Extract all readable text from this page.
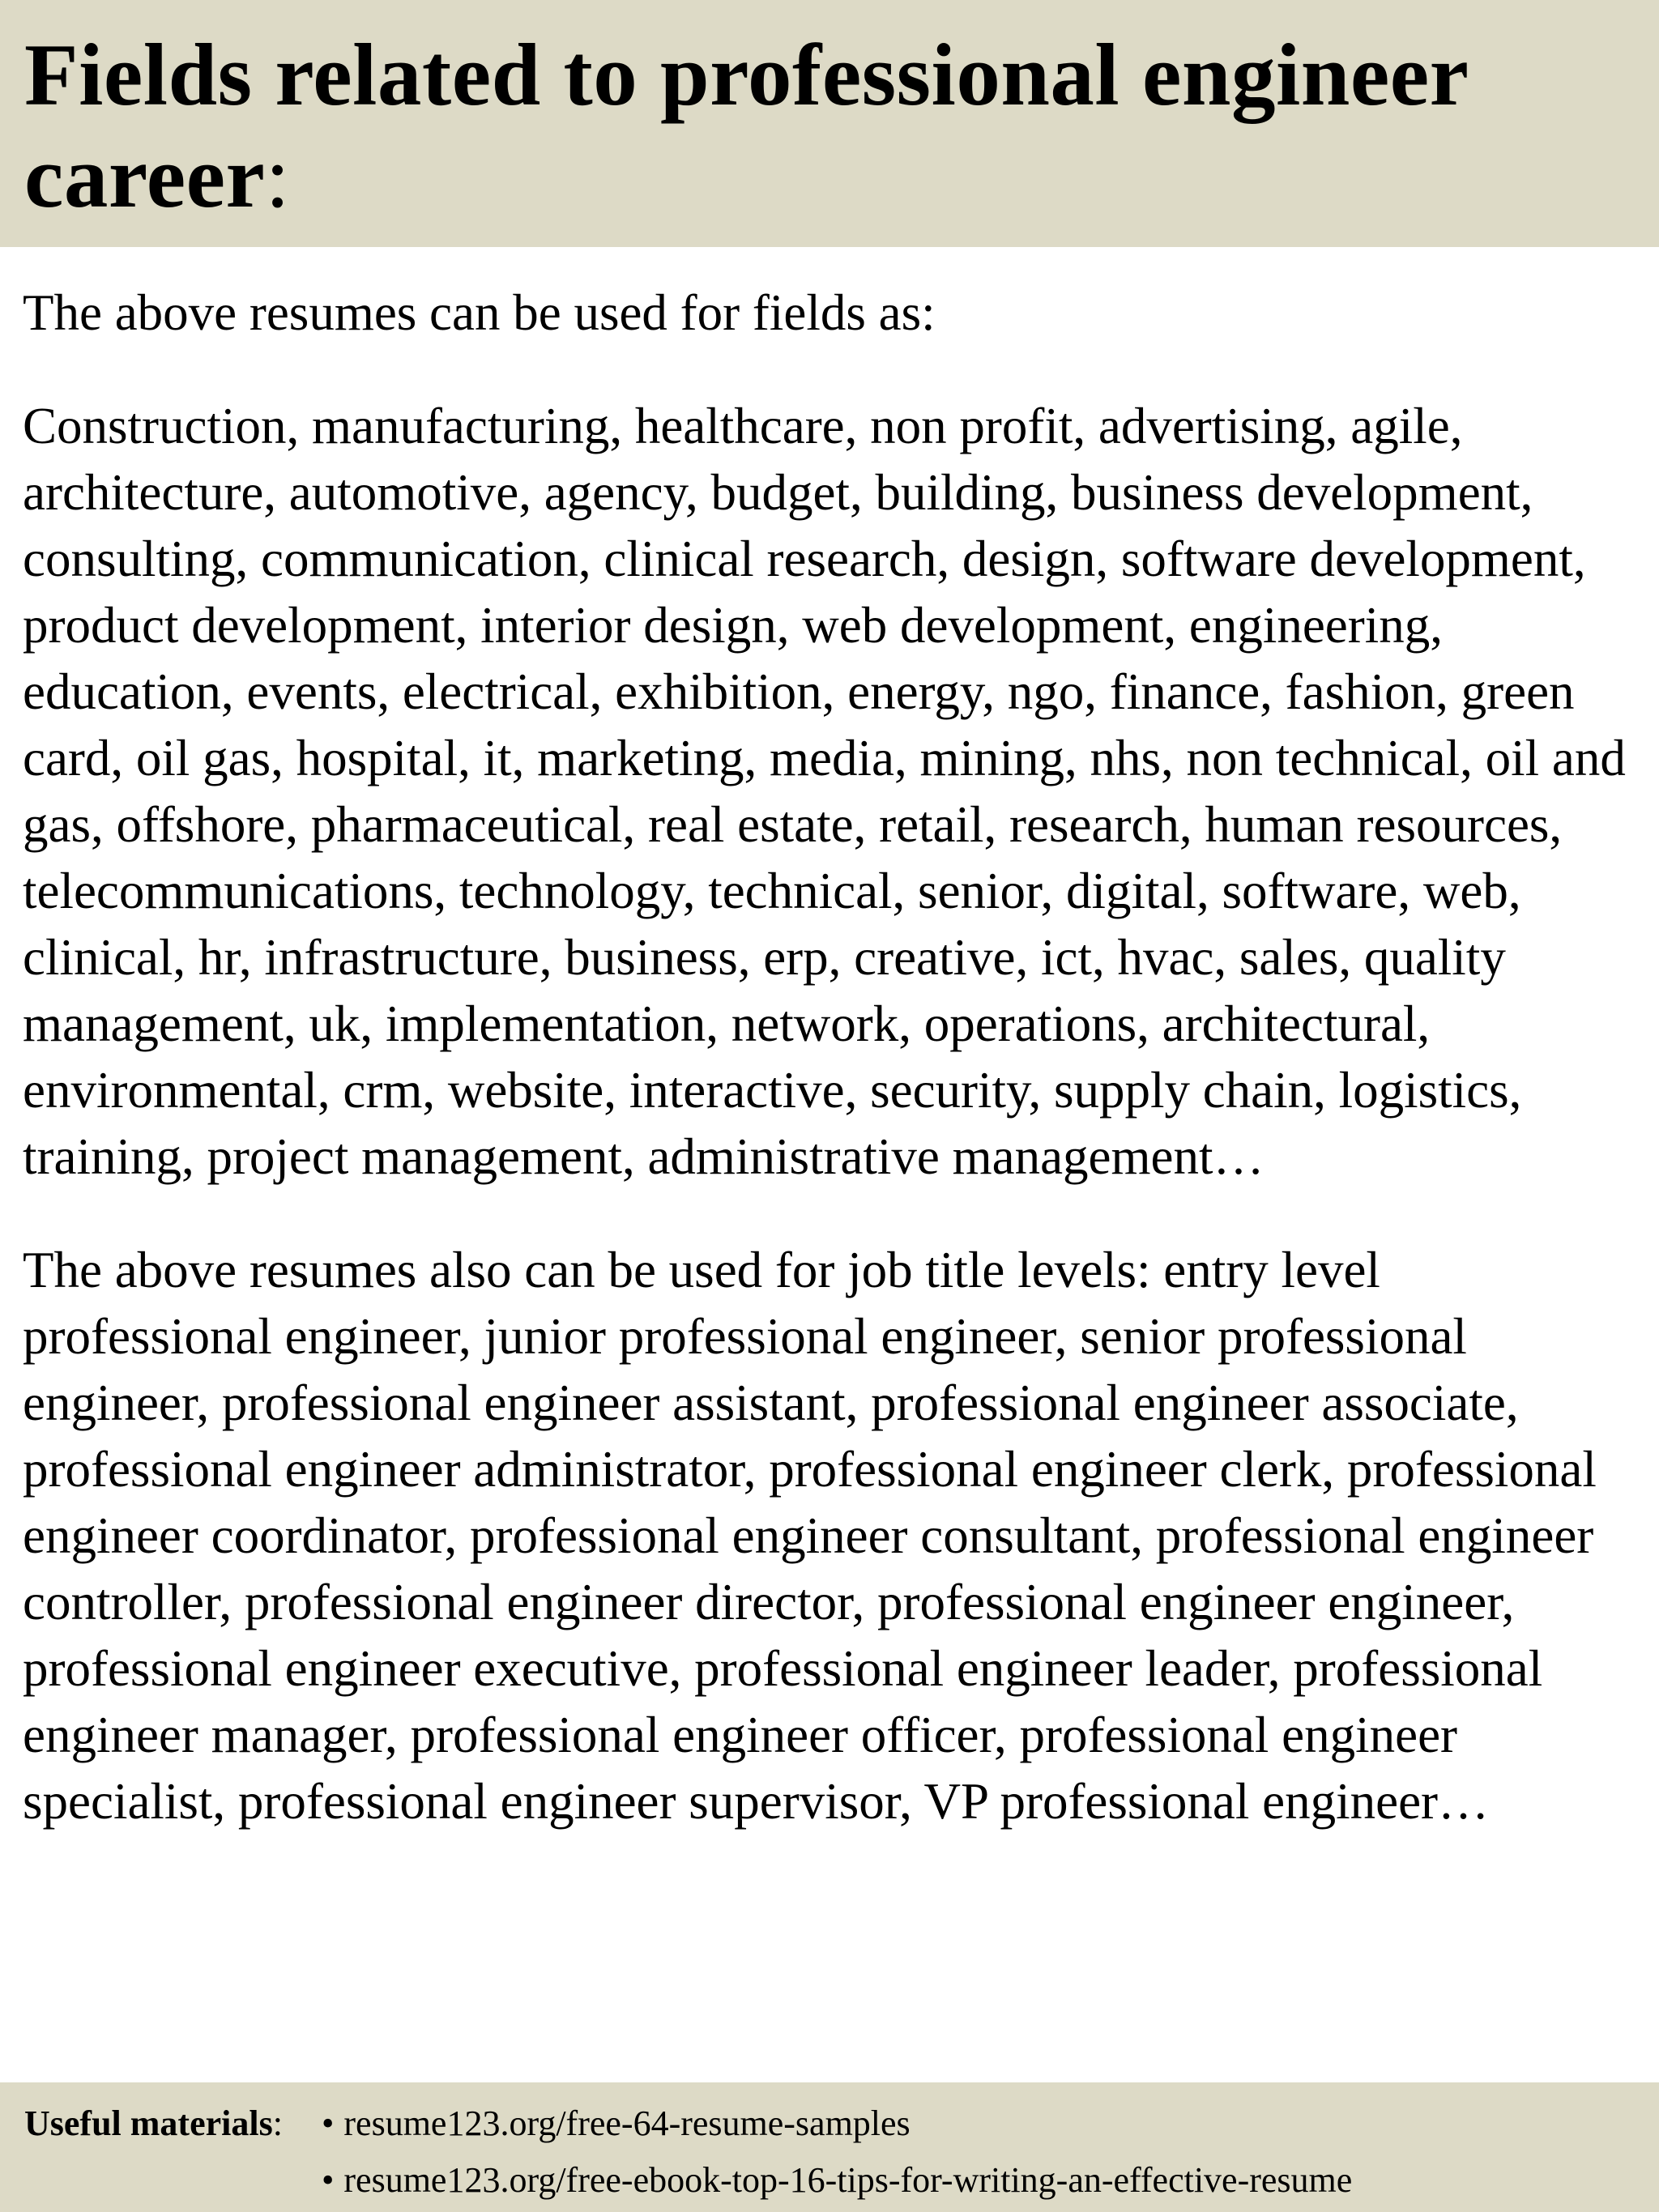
Fields related to professional engineer career:

The above resumes can be used for fields as:

Construction, manufacturing, healthcare, non profit, advertising, agile, architecture, automotive, agency, budget, building, business development, consulting, communication, clinical research, design, software development, product development, interior design, web development, engineering, education, events, electrical, exhibition, energy, ngo, finance, fashion, green card, oil gas, hospital, it, marketing, media, mining, nhs, non technical, oil and gas, offshore, pharmaceutical, real estate, retail, research, human resources, telecommunications, technology, technical, senior, digital, software, web, clinical, hr, infrastructure, business, erp, creative, ict, hvac, sales, quality management, uk, implementation, network, operations, architectural, environmental, crm, website, interactive, security, supply chain, logistics, training, project management, administrative management…

The above resumes also can be used for job title levels: entry level professional engineer, junior professional engineer, senior professional engineer, professional engineer assistant, professional engineer associate, professional engineer administrator, professional engineer clerk, professional engineer coordinator, professional engineer consultant, professional engineer controller, professional engineer director, professional engineer engineer, professional engineer executive, professional engineer leader, professional engineer manager, professional engineer officer, professional engineer specialist, professional engineer supervisor, VP professional engineer…

Useful materials: • resume123.org/free-64-resume-samples
• resume123.org/free-ebook-top-16-tips-for-writing-an-effective-resume
